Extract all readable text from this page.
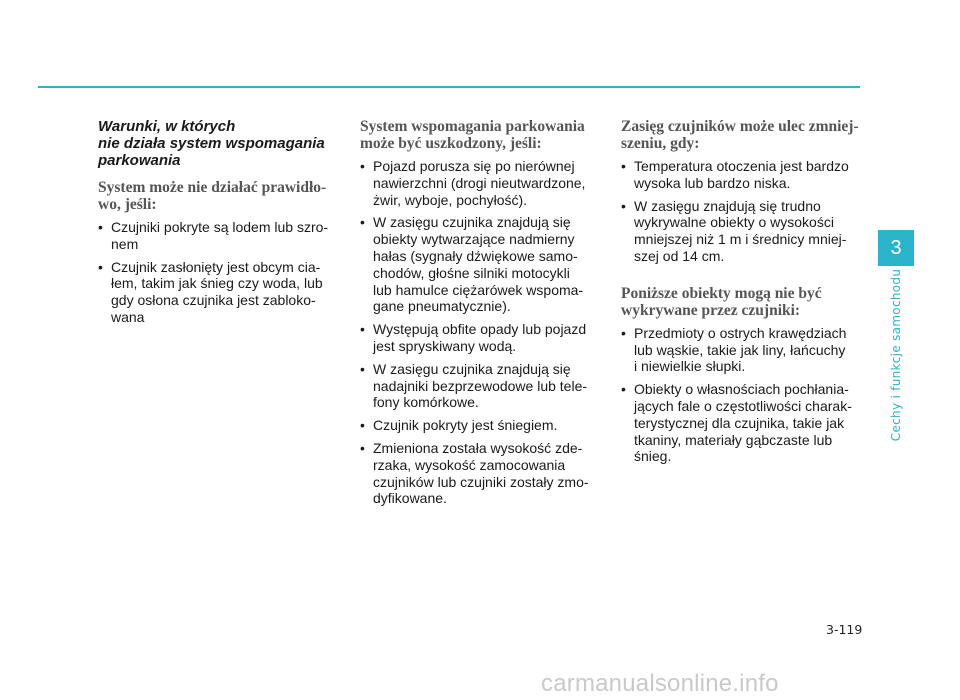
Warunki, w których
nie działa system wspomagania
parkowania
System może nie działać prawidło-
wo, jeśli:
• Czujniki pokryte są lodem lub szro-
nem
• Czujnik zasłonięty jest obcym cia-
łem, takim jak śnieg czy woda, lub
gdy osłona czujnika jest zabloko-
wana
System wspomagania parkowania
może być uszkodzony, jeśli:
• Pojazd porusza się po nierównej
nawierzchni (drogi nieutwardzone,
żwir, wyboje, pochyłość).
• W zasięgu czujnika znajdują się
obiekty wytwarzające nadmierny
hałas (sygnały dźwiękowe samo-
chodów, głośne silniki motocykli
lub hamulce ciężarówek wspoma-
gane pneumatycznie).
• Występują obfite opady lub pojazd
jest spryskiwany wodą.
• W zasięgu czujnika znajdują się
nadajniki bezprzewodowe lub tele-
fony komórkowe.
• Czujnik pokryty jest śniegiem.
• Zmieniona została wysokość zde-
rzaka, wysokość zamocowania
czujników lub czujniki zostały zmo-
dyfikowane.
Zasięg czujników może ulec zmniej-
szeniu, gdy:
• Temperatura otoczenia jest bardzo
wysoka lub bardzo niska.
• W zasięgu znajdują się trudno
wykrywalne obiekty o wysokości
mniejszej niż 1 m i średnicy mniej-
szej od 14 cm.
Poniższe obiekty mogą nie być
wykrywane przez czujniki:
• Przedmioty o ostrych krawędziach
lub wąskie, takie jak liny, łańcuchy
i niewielkie słupki.
• Obiekty o własnościach pochłania-
jących fale o częstotliwości charak-
terystycznej dla czujnika, takie jak
tkaniny, materiały gąbczaste lub
śnieg.
3
Cechy i funkcje samochodu
3-119
carmanualsonline.info
